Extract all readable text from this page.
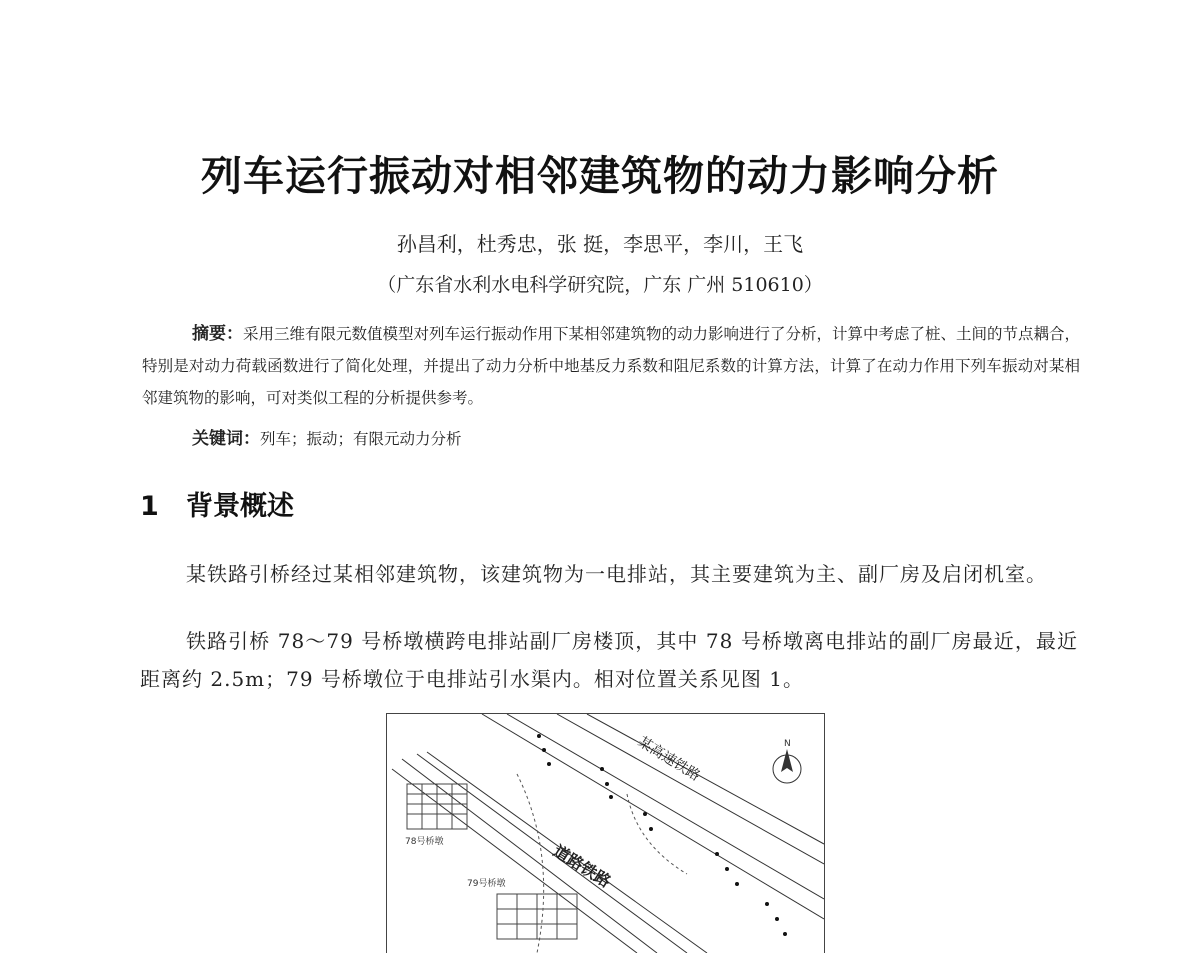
列车运行振动对相邻建筑物的动力影响分析
孙昌利，杜秀忠，张 挺，李思平，李川，王飞
（广东省水利水电科学研究院，广东 广州 510610）
摘要：采用三维有限元数值模型对列车运行振动作用下某相邻建筑物的动力影响进行了分析，计算中考虑了桩、土间的节点耦合，特别是对动力荷载函数进行了简化处理，并提出了动力分析中地基反力系数和阻尼系数的计算方法，计算了在动力作用下列车振动对某相邻建筑物的影响，可对类似工程的分析提供参考。
关键词：列车；振动；有限元动力分析
1 背景概述
某铁路引桥经过某相邻建筑物，该建筑物为一电排站，其主要建筑为主、副厂房及启闭机室。
铁路引桥 78～79 号桥墩横跨电排站副厂房楼顶，其中 78 号桥墩离电排站的副厂房最近，最近距离约 2.5m；79 号桥墩位于电排站引水渠内。相对位置关系见图 1。
N
78号桥墩
79号桥墩	道路铁路
某高速铁路
